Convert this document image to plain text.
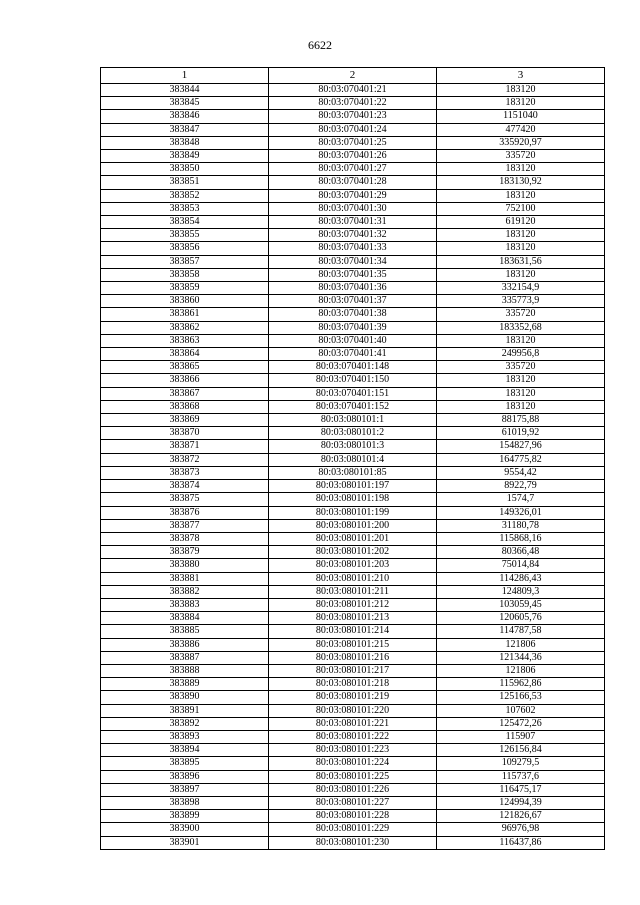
6622
1	2	3
383844	80:03:070401:21	183120
383845	80:03:070401:22	183120
383846	80:03:070401:23	1151040
383847	80:03:070401:24	477420
383848	80:03:070401:25	335920,97
383849	80:03:070401:26	335720
383850	80:03:070401:27	183120
383851	80:03:070401:28	183130,92
383852	80:03:070401:29	183120
383853	80:03:070401:30	752100
383854	80:03:070401:31	619120
383855	80:03:070401:32	183120
383856	80:03:070401:33	183120
383857	80:03:070401:34	183631,56
383858	80:03:070401:35	183120
383859	80:03:070401:36	332154,9
383860	80:03:070401:37	335773,9
383861	80:03:070401:38	335720
383862	80:03:070401:39	183352,68
383863	80:03:070401:40	183120
383864	80:03:070401:41	249956,8
383865	80:03:070401:148	335720
383866	80:03:070401:150	183120
383867	80:03:070401:151	183120
383868	80:03:070401:152	183120
383869	80:03:080101:1	88175,88
383870	80:03:080101:2	61019,92
383871	80:03:080101:3	154827,96
383872	80:03:080101:4	164775,82
383873	80:03:080101:85	9554,42
383874	80:03:080101:197	8922,79
383875	80:03:080101:198	1574,7
383876	80:03:080101:199	149326,01
383877	80:03:080101:200	31180,78
383878	80:03:080101:201	115868,16
383879	80:03:080101:202	80366,48
383880	80:03:080101:203	75014,84
383881	80:03:080101:210	114286,43
383882	80:03:080101:211	124809,3
383883	80:03:080101:212	103059,45
383884	80:03:080101:213	120605,76
383885	80:03:080101:214	114787,58
383886	80:03:080101:215	121806
383887	80:03:080101:216	121344,36
383888	80:03:080101:217	121806
383889	80:03:080101:218	115962,86
383890	80:03:080101:219	125166,53
383891	80:03:080101:220	107602
383892	80:03:080101:221	125472,26
383893	80:03:080101:222	115907
383894	80:03:080101:223	126156,84
383895	80:03:080101:224	109279,5
383896	80:03:080101:225	115737,6
383897	80:03:080101:226	116475,17
383898	80:03:080101:227	124994,39
383899	80:03:080101:228	121826,67
383900	80:03:080101:229	96976,98
383901	80:03:080101:230	116437,86
